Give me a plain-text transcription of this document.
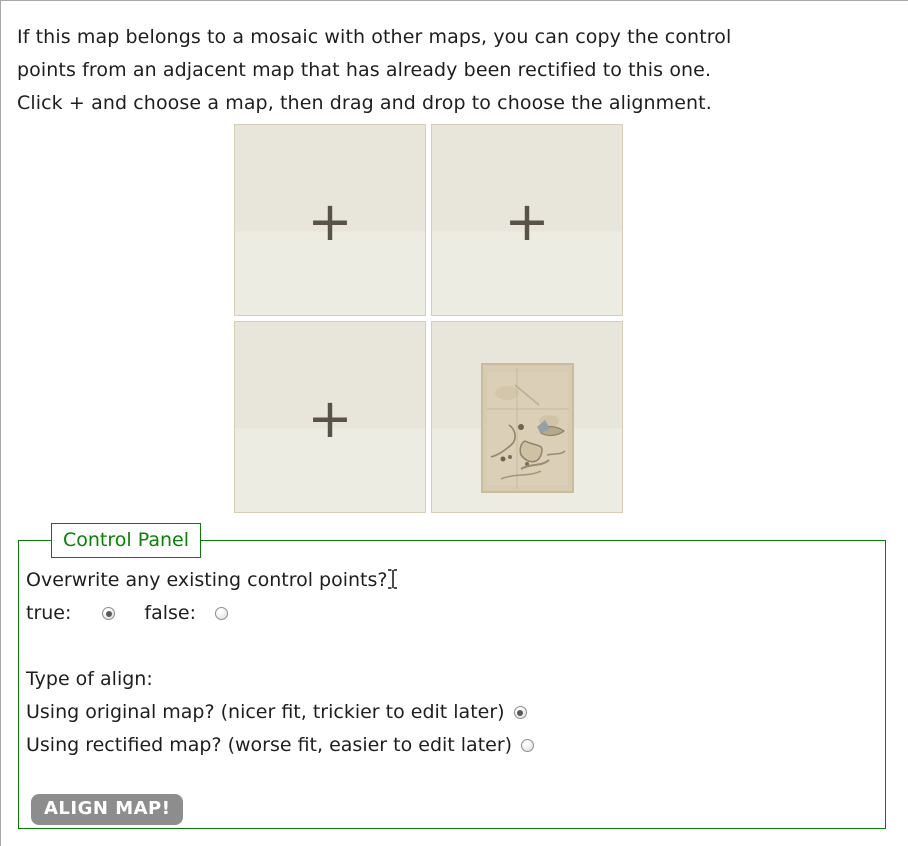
If this map belongs to a mosaic with other maps, you can copy the control
points from an adjacent map that has already been rectified to this one.
Click + and choose a map, then drag and drop to choose the alignment.

+	+
+
Control Panel
Overwrite any existing control points?
true:	false:
Type of align:
Using original map? (nicer fit, trickier to edit later)
Using rectified map? (worse fit, easier to edit later)
ALIGN MAP!
